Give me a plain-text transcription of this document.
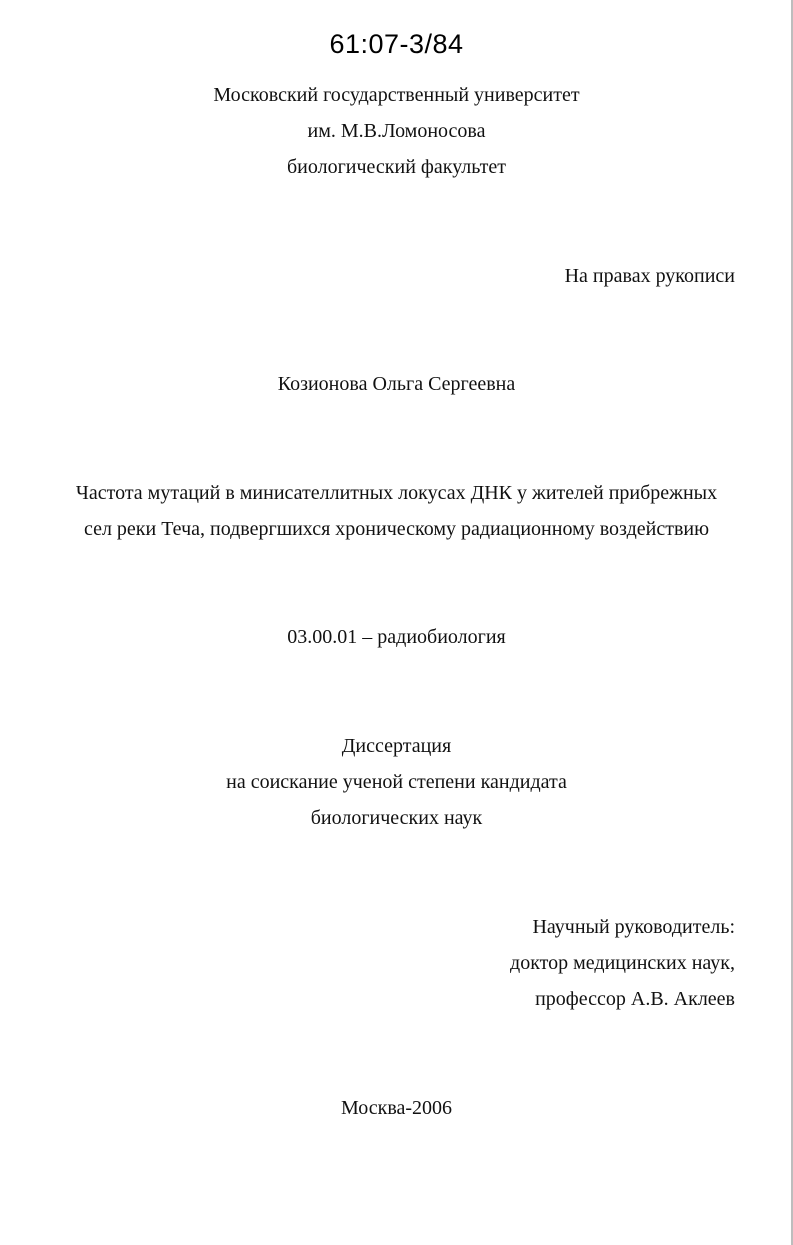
61:07-3/84
Московский государственный университет
им. М.В.Ломоносова
биологический факультет
На правах рукописи
Козионова Ольга Сергеевна
Частота мутаций в минисателлитных локусах ДНК у жителей прибрежных
сел реки Теча, подвергшихся хроническому радиационному воздействию
03.00.01 – радиобиология
Диссертация
на соискание ученой степени кандидата
биологических наук
Научный руководитель:
доктор медицинских наук,
профессор А.В. Аклеев
Москва-2006
